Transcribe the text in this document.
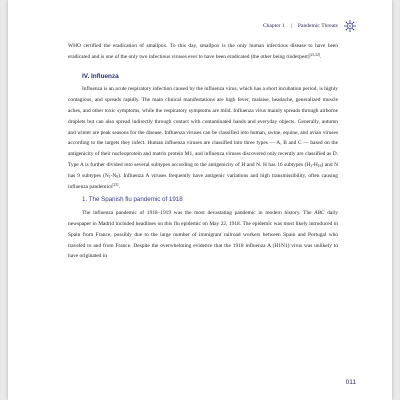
Chapter 1 | Pandemic Threats

WHO certified the eradication of smallpox. To this day, smallpox is the only human infectious disease to have been eradicated and is one of the only two infectious viruses ever to have been eradicated (the other being rinderpest)[21,22].

IV. Influenza

Influenza is an acute respiratory infection caused by the influenza virus, which has a short incubation period, is highly contagious, and spreads rapidly. The main clinical manifestations are high fever, malaise, headache, generalized muscle aches, and other toxic symptoms, while the respiratory symptoms are mild. Influenza virus mainly spreads through airborne droplets but can also spread indirectly through contact with contaminated hands and everyday objects. Generally, autumn and winter are peak seasons for the disease. Influenza viruses can be classified into human, swine, equine, and avian viruses according to the targets they infect. Human influenza viruses are classified into three types — A, B and C — based on the antigenicity of their nucleoprotein and matrix protein M1, and influenza viruses discovered only recently are classified as D. Type A is further divided into several subtypes according to the antigenicity of H and N. H has 16 subtypes $(H_1-H_{16})$ and N has 9 subtypes $(N_1-N_9)$. Influenza A viruses frequently have antigenic variations and high transmissibility, often causing influenza pandemics[23].

1. The Spanish flu pandemic of 1918

The influenza pandemic of 1918–1919 was the most devastating pandemic in modern history. The ABC daily newspaper in Madrid included headlines on this flu epidemic on May 22, 1918. The epidemic was most likely introduced in Spain from France, possibly due to the large number of immigrant railroad workers between Spain and Portugal who traveled to and from France. Despite the overwhelming evidence that the 1918 influenza A (H1N1) virus was unlikely to have originated in

011
